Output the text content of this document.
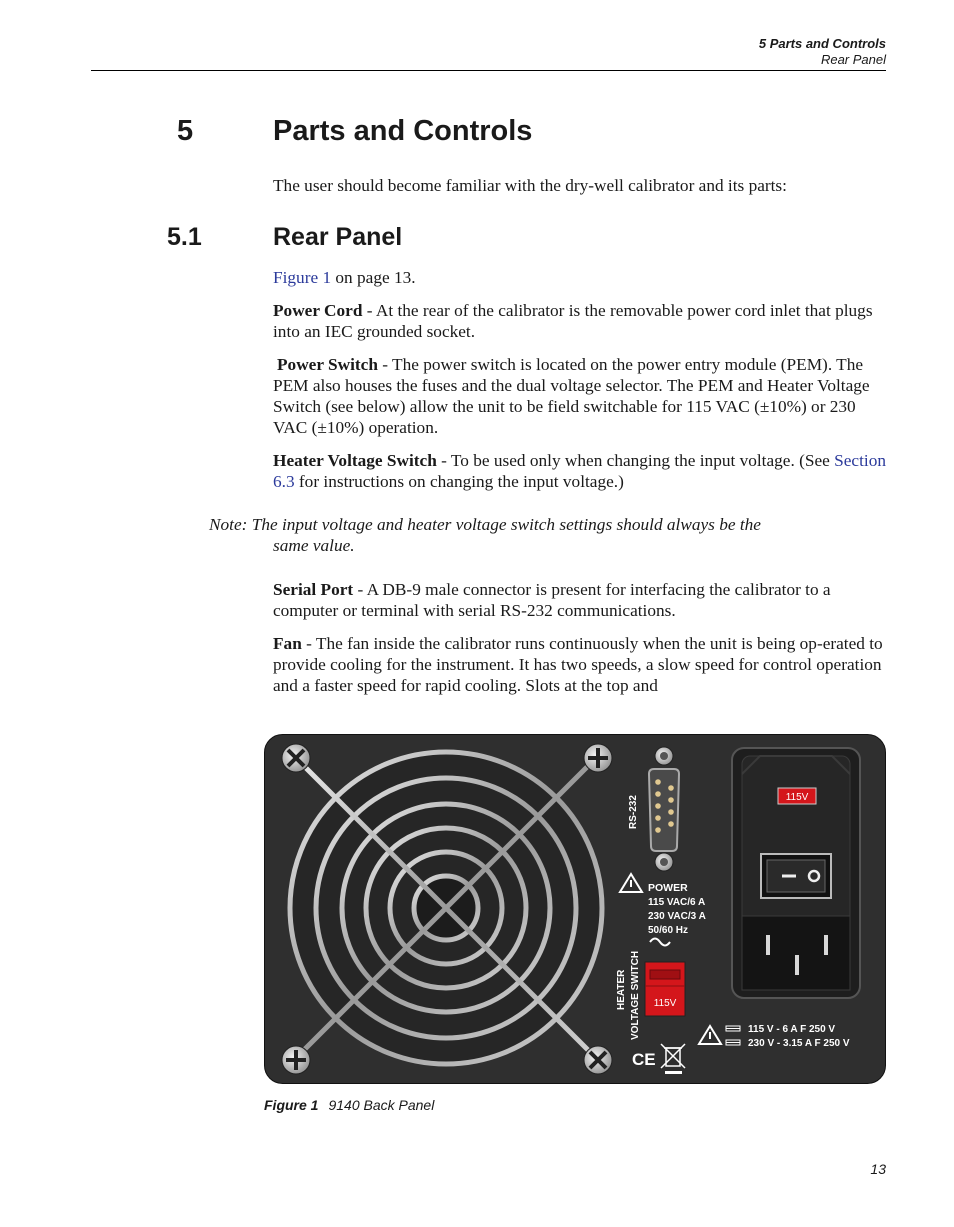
5 Parts and Controls
Rear Panel
5	Parts and Controls

The user should become familiar with the dry-well calibrator and its parts:

5.1	Rear Panel

Figure 1 on page 13.

Power Cord - At the rear of the calibrator is the removable power cord inlet that plugs into an IEC grounded socket.

Power Switch - The power switch is located on the power entry module (PEM). The PEM also houses the fuses and the dual voltage selector. The PEM and Heater Voltage Switch (see below) allow the unit to be field switchable for 115 VAC (±10%) or 230 VAC (±10%) operation.

Heater Voltage Switch - To be used only when changing the input voltage. (See Section 6.3 for instructions on changing the input voltage.)

Note: The input voltage and heater voltage switch settings should always be the
same value.

Serial Port - A DB-9 male connector is present for interfacing the calibrator to a computer or terminal with serial RS-232 communications.

Fan - The fan inside the calibrator runs continuously when the unit is being op-erated to provide cooling for the instrument. It has two speeds, a slow speed for control operation and a faster speed for rapid cooling. Slots at the top and

RS-232	115V
POWER
115 VAC/6 A
230 VAC/3 A
50/60 Hz
HEATER VOLTAGE SWITCH 115V
115 V - 6 A F 250 V
230 V - 3.15 A F 250 V
CE
Figure 1 9140 Back Panel
13
